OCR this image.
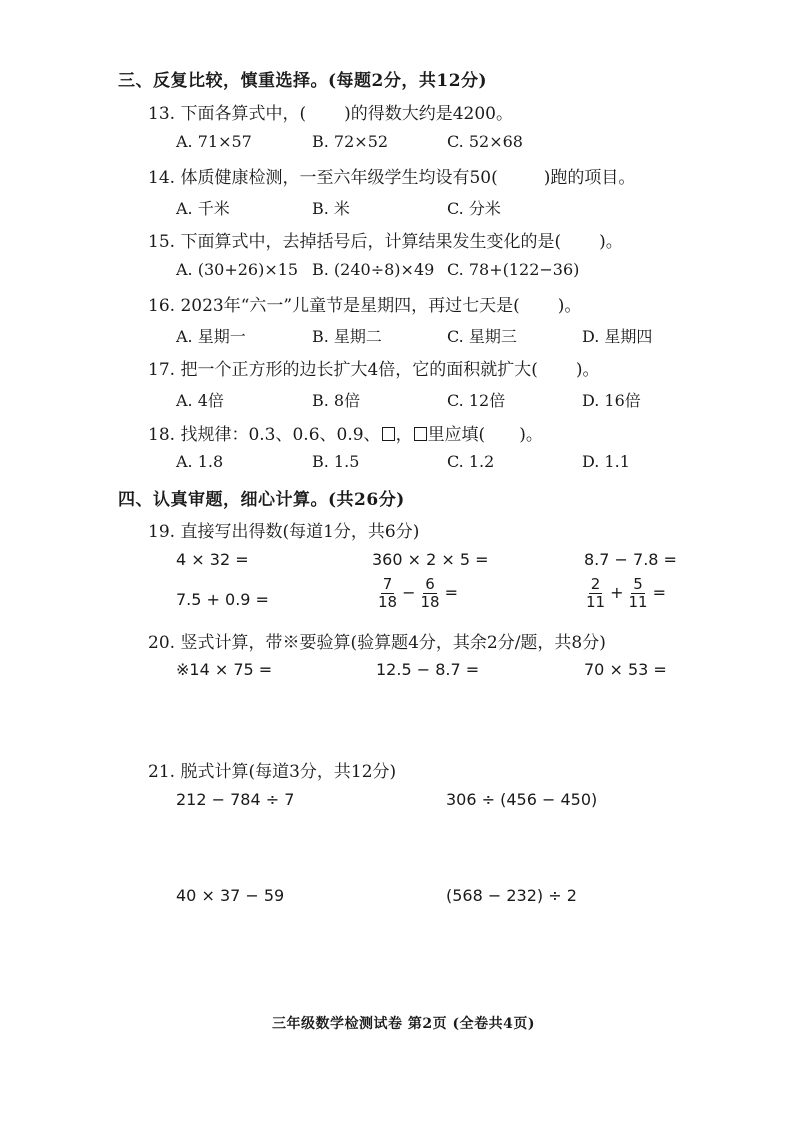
三、反复比较，慎重选择。(每题2分，共12分)
13. 下面各算式中，( )的得数大约是4200。
A. 71×57	B. 72×52	C. 52×68
14. 体质健康检测，一至六年级学生均设有50(	)跑的项目。
A. 千米	B. 米	C. 分米
15. 下面算式中，去掉括号后，计算结果发生变化的是( )。
A. (30+26)×15 B. (240÷8)×49 C. 78+(122−36)
16. 2023年“六一”儿童节是星期四，再过七天是( )。
A. 星期一	B. 星期二	C. 星期三	D. 星期四
17. 把一个正方形的边长扩大4倍，它的面积就扩大( )。
A. 4倍	B. 8倍	C. 12倍	D. 16倍
18. 找规律：0.3、0.6、0.9、 ， 里应填( )。
A. 1.8	B. 1.5	C. 1.2	D. 1.1
四、认真审题，细心计算。(共26分)
19. 直接写出得数(每道1分，共6分)
4 × 32 =	360 × 2 × 5 =	8.7 − 7.8 =
7.5 + 0.9 =	$\frac{7}{18} - \frac{6}{18}$ =	$\frac{2}{11} + \frac{5}{11}$ =
20. 竖式计算，带※要验算(验算题4分，其余2分/题，共8分)
※14 × 75 =	12.5 − 8.7 =	70 × 53 =
21. 脱式计算(每道3分，共12分)
212 − 784 ÷ 7	306 ÷ (456 − 450)
40 × 37 − 59	(568 − 232) ÷ 2
三年级数学检测试卷 第2页 (全卷共4页)
